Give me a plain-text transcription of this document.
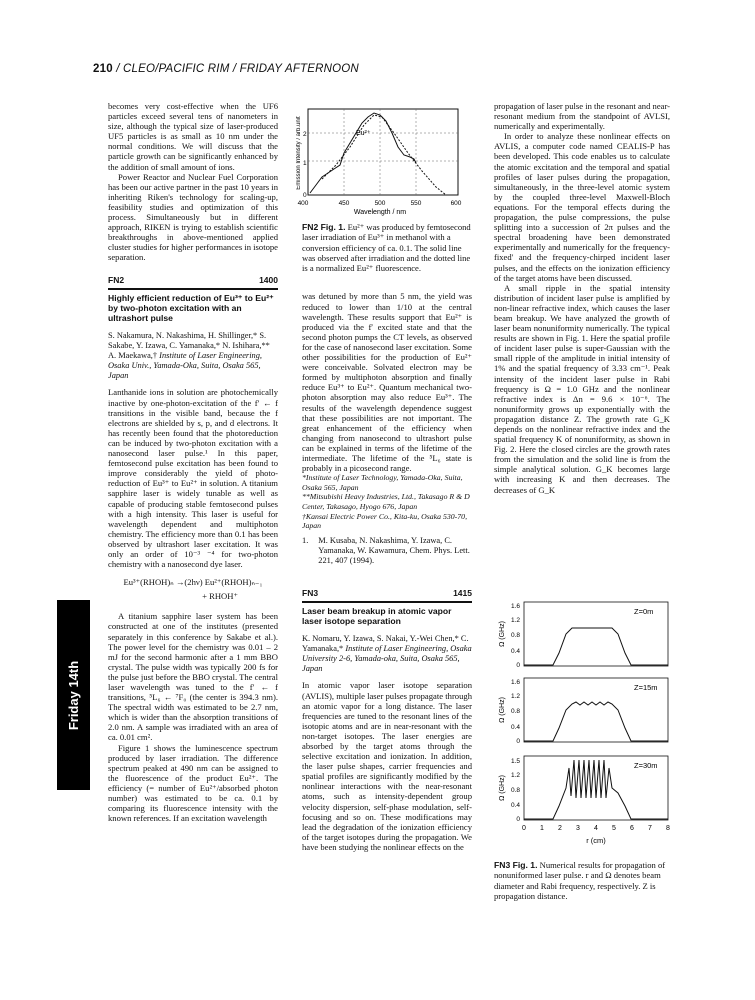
210 / CLEO/PACIFIC RIM / FRIDAY AFTERNOON
Friday 14th

becomes very cost-effective when the UF6 particles exceed several tens of nanometers in size, although the typical size of laser-produced UF5 particles is as small as 10 nm under the normal conditions. We will discuss that the particle growth can be significantly enhanced by the addition of small amount of ions.

Power Reactor and Nuclear Fuel Corporation has been our active partner in the past 10 years in inheriting Riken's technology for scaling-up, feasibility studies and optimization of this process. Simultaneously but in different approach, RIKEN is trying to establish scientific breakthroughs in above-mentioned applied cluster studies for higher performances in isotope separation.

FN2	1400
Highly efficient reduction of Eu³⁺ to Eu²⁺ by two-photon excitation with an ultrashort pulse
S. Nakamura, N. Nakashima, H. Shillinger,* S. Sakabe, Y. Izawa, C. Yamanaka,* N. Ishihara,** A. Maekawa,† Institute of Laser Engineering, Osaka Univ., Yamada-Oka, Suita, Osaka 565, Japan

Lanthanide ions in solution are photochemically inactive by one-photon-excitation of the f′ ← f transitions in the visible band, because the f electrons are shielded by s, p, and d electrons. It has recently been found that the photoreduction can be induced by two-photon excitation with a nanosecond laser pulse.¹ In this paper, femtosecond pulse excitation has been found to improve considerably the yield of photo-reduction of Eu³⁺ to Eu²⁺ in solution. A titanium sapphire laser is widely tunable as well as capable of producing stable femtosecond pulses with a high intensity. This laser is useful for wavelength dependent and multiphoton chemistry. The efficiency more than 0.1 has been observed by ultrashort laser excitation. It was only an order of 10⁻³ ⁻⁴ for two-photon chemistry with a nanosecond dye laser.

Eu³⁺(RHOH)ₙ →(2hν) Eu²⁺(RHOH)ₙ₋₁
+ RHOH⁺

A titanium sapphire laser system has been constructed at one of the institutes (presented separately in this conference by Sakabe et al.). The power level for the chemistry was 0.01 – 2 mJ for the second harmonic after a 1 mm BBO crystal. The pulse width was typically 200 fs for the pulse just before the BBO crystal. The central laser wavelength was tuned to the f′ ← f transitions, ⁵L₆ ← ⁷F₀ (the center is 394.3 nm). The spectral width was estimated to be 2.7 nm, which is wider than the absorption transitions of 2.0 nm. A sample was irradiated with an area of ca. 0.01 cm².

Figure 1 shows the luminescence spectrum produced by laser irradiation. The difference spectrum peaked at 490 nm can be assigned to the fluorescence of the product Eu²⁺. The efficiency (= number of Eu²⁺/absorbed photon number) was estimated to be ca. 0.1 by comparing its fluorescence intensity with the known references. If an excitation wavelength

Eu²⁺
0
1
2
400	450	500	550	600
Wavelength / nm
Emission Intensity / arb.unit
FN2 Fig. 1. Eu²⁺ was produced by femtosecond laser irradiation of Eu³⁺ in methanol with a conversion efficiency of ca. 0.1. The solid line was observed after irradiation and the dotted line is a normalized Eu²⁺ fluorescence.

was detuned by more than 5 nm, the yield was reduced to lower than 1/10 at the central wavelength. These results support that Eu²⁺ is produced via the f′ excited state and that the second photon pumps the CT levels, as observed for the case of nanosecond laser excitation. Some other possibilities for the production of Eu²⁺ were conceivable. Solvated electron may be formed by multiphoton absorption and finally reduce Eu³⁺ to Eu²⁺. Quantum mechanical two-photon absorption may also reduce Eu³⁺. The results of the wavelength dependence suggest that these possibilities are not important. The great enhancement of the efficiency when changing from nanosecond to ultrashort pulse can be explained in terms of the lifetime of the intermediate. The lifetime of the ⁵L₆ state is probably in a picosecond range.

*Institute of Laser Technology, Yamada-Oka, Suita, Osaka 565, Japan
**Mitsubishi Heavy Industries, Ltd., Takasago R & D Center, Takasago, Hyogo 676, Japan
†Kansai Electric Power Co., Kita-ku, Osaka 530-70, Japan
1. M. Kusaba, N. Nakashima, Y. Izawa, C. Yamanaka, W. Kawamura, Chem. Phys. Lett. 221, 407 (1994).
FN3	1415
Laser beam breakup in atomic vapor laser isotope separation
K. Nomaru, Y. Izawa, S. Nakai, Y.-Wei Chen,* C. Yamanaka,* Institute of Laser Engineering, Osaka University 2-6, Yamada-oka, Suita, Osaka 565, Japan

In atomic vapor laser isotope separation (AVLIS), multiple laser pulses propagate through an atomic vapor for a long distance. The laser frequencies are tuned to the resonant lines of the isotopic atoms and are in near-resonant with the non-target isotopes. The laser energies are absorbed by the target atoms through the selective excitation and ionization. In addition, the laser pulse shapes, carrier frequencies and spatial profiles are significantly modified by the nonlinear interactions with the near-resonant atoms, such as intensity-dependent group velocity dispersion, self-phase modulation, self-focusing and so on. These modifications may lead the degradation of the ionization efficiency of the target isotopes during the propagation. We have been studying the nonlinear effects on the

propagation of laser pulse in the resonant and near-resonant medium from the standpoint of AVLSI, numerically and experimentally.

In order to analyze these nonlinear effects on AVLIS, a computer code named CEALIS-P has been developed. This code enables us to calculate the atomic excitation and the temporal and spatial profiles of laser pulses during the propagation, simultaneously, in the three-level atomic system by the coupled three-level Maxwell-Bloch equations. For the temporal effects during the propagation, the pulse compressions, the pulse splitting into a succession of 2π pulses and the spectral broadening have been demonstrated experimentally and numerically for the frequency-fixed′ and the frequency-chirped incident laser pulses, and the effects on the ionization efficiency of the target atoms have been discussed.

A small ripple in the spatial intensity distribution of incident laser pulse is amplified by non-linear refractive index, which causes the laser beam breakup. We have analyzed the growth of laser beam nonuniformity numerically. The typical results are shown in Fig. 1. Here the spatial profile of incident laser pulse is super-Gaussian with the small ripple of the amplitude in initial intensity of 1% and the spatial frequency of 3.33 cm⁻¹. Peak intensity of the incident laser pulse in Rabi frequency is Ω = 1.0 GHz and the nonlinear refractive index is Δn = 9.6 × 10⁻⁶. The nonuniformity grows up exponentially with the propagation distance Z. The growth rate G_K depends on the nonlinear refractive index and the spatial frequency K of nonuniformity, as shown in Fig. 2. Here the closed circles are the growth rates from the simulation and the solid line is from the simple analytical solution. G_K becomes large with increasing K and then decreases. The decreases of G_K

Z=0m
0
0.4
0.8
1.2
1.6
Ω (GHz)
Z=15m
0
0.4
0.8
1.2
1.6
Ω (GHz)
Z=30m
0
0.4
0.8
1.2
1.5
Ω (GHz)
0 1 2 3 4 5 6 7 8
r (cm)
FN3 Fig. 1. Numerical results for propagation of nonuniformed laser pulse. r and Ω denotes beam diameter and Rabi frequency, respectively. Z is propagation distance.
